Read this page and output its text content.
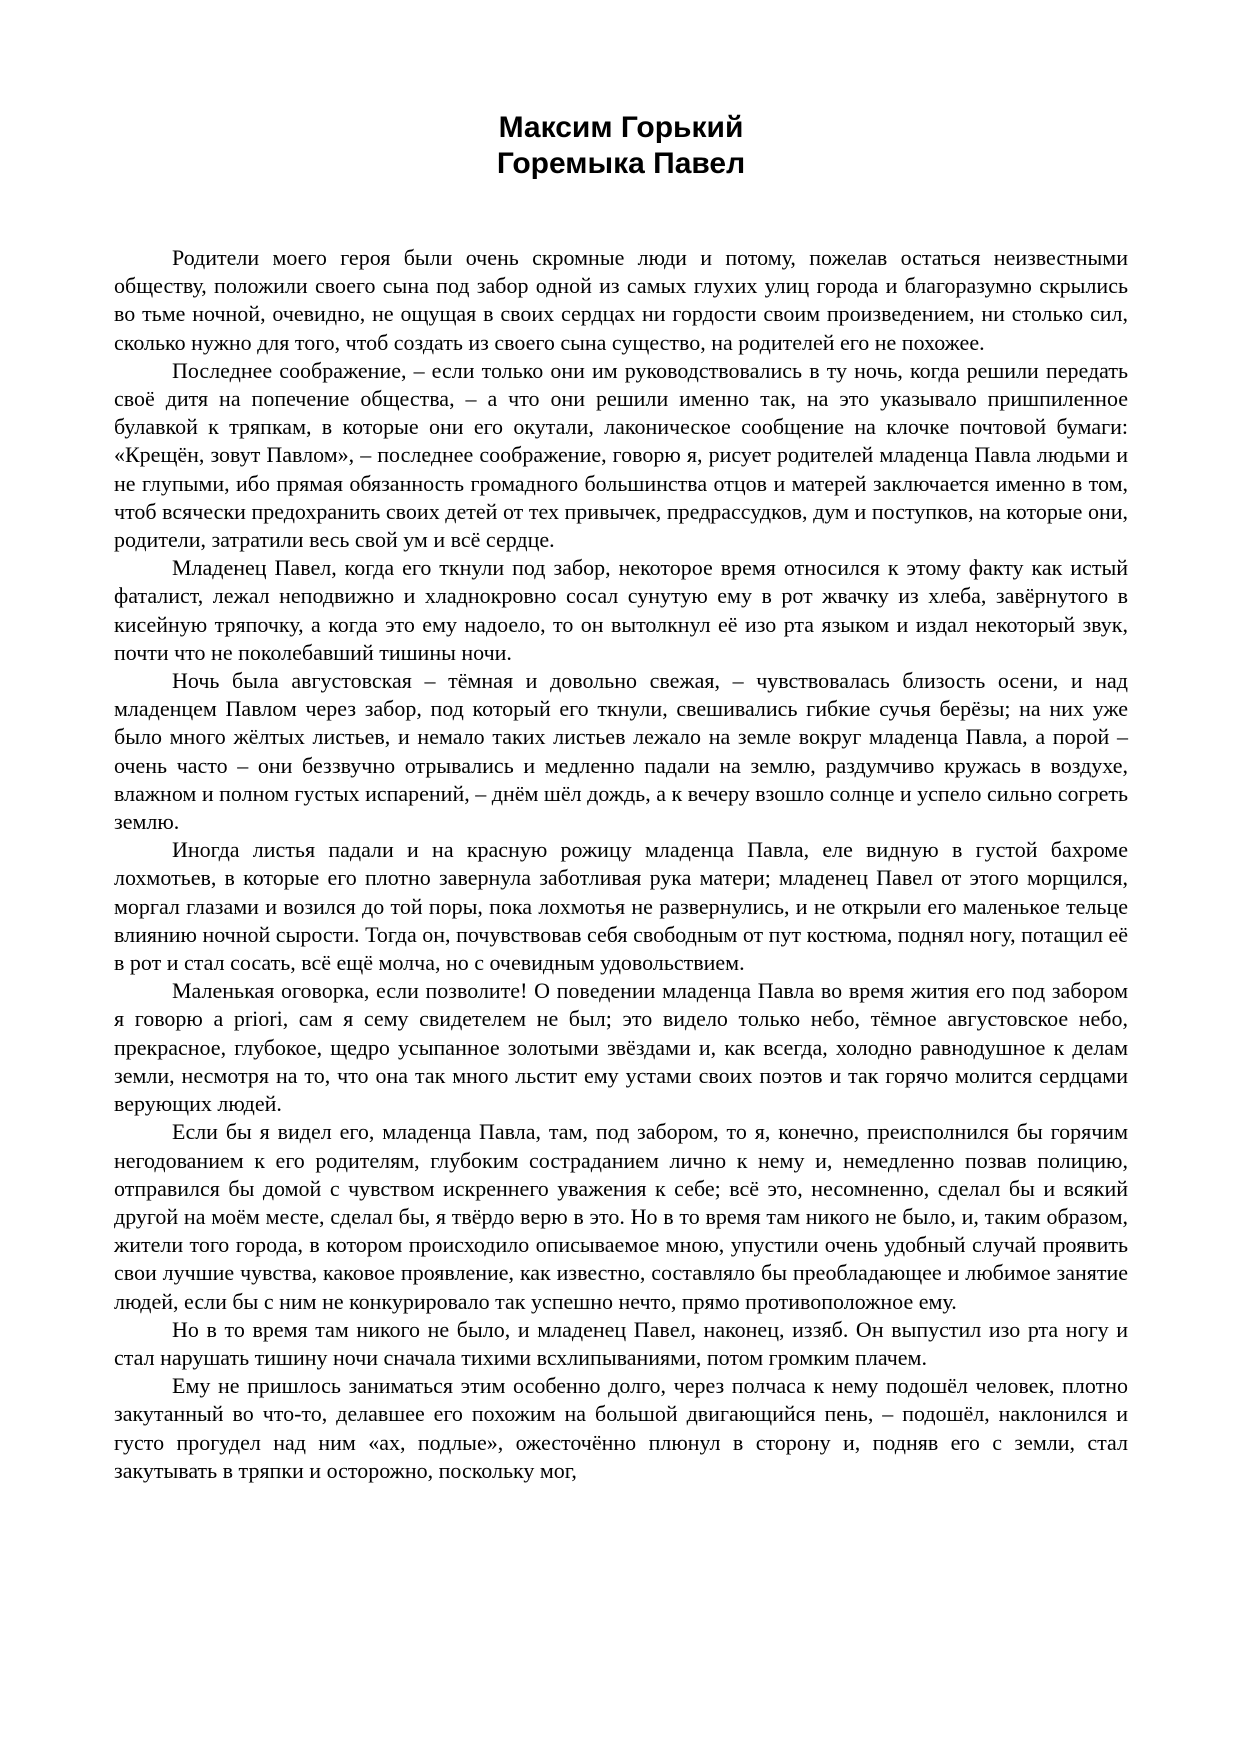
Максим Горький
Горемыка Павел

Родители моего героя были очень скромные люди и потому, пожелав остаться неизвестными обществу, положили своего сына под забор одной из самых глухих улиц города и благоразумно скрылись во тьме ночной, очевидно, не ощущая в своих сердцах ни гордости своим произведением, ни столько сил, сколько нужно для того, чтоб создать из своего сына существо, на родителей его не похожее.

Последнее соображение, – если только они им руководствовались в ту ночь, когда решили передать своё дитя на попечение общества, – а что они решили именно так, на это указывало пришпиленное булавкой к тряпкам, в которые они его окутали, лаконическое сообщение на клочке почтовой бумаги: «Крещён, зовут Павлом», – последнее соображение, говорю я, рисует родителей младенца Павла людьми и не глупыми, ибо прямая обязанность громадного большинства отцов и матерей заключается именно в том, чтоб всячески предохранить своих детей от тех привычек, предрассудков, дум и поступков, на которые они, родители, затратили весь свой ум и всё сердце.

Младенец Павел, когда его ткнули под забор, некоторое время относился к этому факту как истый фаталист, лежал неподвижно и хладнокровно сосал сунутую ему в рот жвачку из хлеба, завёрнутого в кисейную тряпочку, а когда это ему надоело, то он вытолкнул её изо рта языком и издал некоторый звук, почти что не поколебавший тишины ночи.

Ночь была августовская – тёмная и довольно свежая, – чувствовалась близость осени, и над младенцем Павлом через забор, под который его ткнули, свешивались гибкие сучья берёзы; на них уже было много жёлтых листьев, и немало таких листьев лежало на земле вокруг младенца Павла, а порой – очень часто – они беззвучно отрывались и медленно падали на землю, раздумчиво кружась в воздухе, влажном и полном густых испарений, – днём шёл дождь, а к вечеру взошло солнце и успело сильно согреть землю.

Иногда листья падали и на красную рожицу младенца Павла, еле видную в густой бахроме лохмотьев, в которые его плотно завернула заботливая рука матери; младенец Павел от этого морщился, моргал глазами и возился до той поры, пока лохмотья не развернулись, и не открыли его маленькое тельце влиянию ночной сырости. Тогда он, почувствовав себя свободным от пут костюма, поднял ногу, потащил её в рот и стал сосать, всё ещё молча, но с очевидным удовольствием.

Маленькая оговорка, если позволите! О поведении младенца Павла во время жития его под забором я говорю a priori, сам я сему свидетелем не был; это видело только небо, тёмное августовское небо, прекрасное, глубокое, щедро усыпанное золотыми звёздами и, как всегда, холодно равнодушное к делам земли, несмотря на то, что она так много льстит ему устами своих поэтов и так горячо молится сердцами верующих людей.

Если бы я видел его, младенца Павла, там, под забором, то я, конечно, преисполнился бы горячим негодованием к его родителям, глубоким состраданием лично к нему и, немедленно позвав полицию, отправился бы домой с чувством искреннего уважения к себе; всё это, несомненно, сделал бы и всякий другой на моём месте, сделал бы, я твёрдо верю в это. Но в то время там никого не было, и, таким образом, жители того города, в котором происходило описываемое мною, упустили очень удобный случай проявить свои лучшие чувства, каковое проявление, как известно, составляло бы преобладающее и любимое занятие людей, если бы с ним не конкурировало так успешно нечто, прямо противоположное ему.

Но в то время там никого не было, и младенец Павел, наконец, иззяб. Он выпустил изо рта ногу и стал нарушать тишину ночи сначала тихими всхлипываниями, потом громким плачем.

Ему не пришлось заниматься этим особенно долго, через полчаса к нему подошёл человек, плотно закутанный во что-то, делавшее его похожим на большой двигающийся пень, – подошёл, наклонился и густо прогудел над ним «ах, подлые», ожесточённо плюнул в сторону и, подняв его с земли, стал закутывать в тряпки и осторожно, поскольку мог,
